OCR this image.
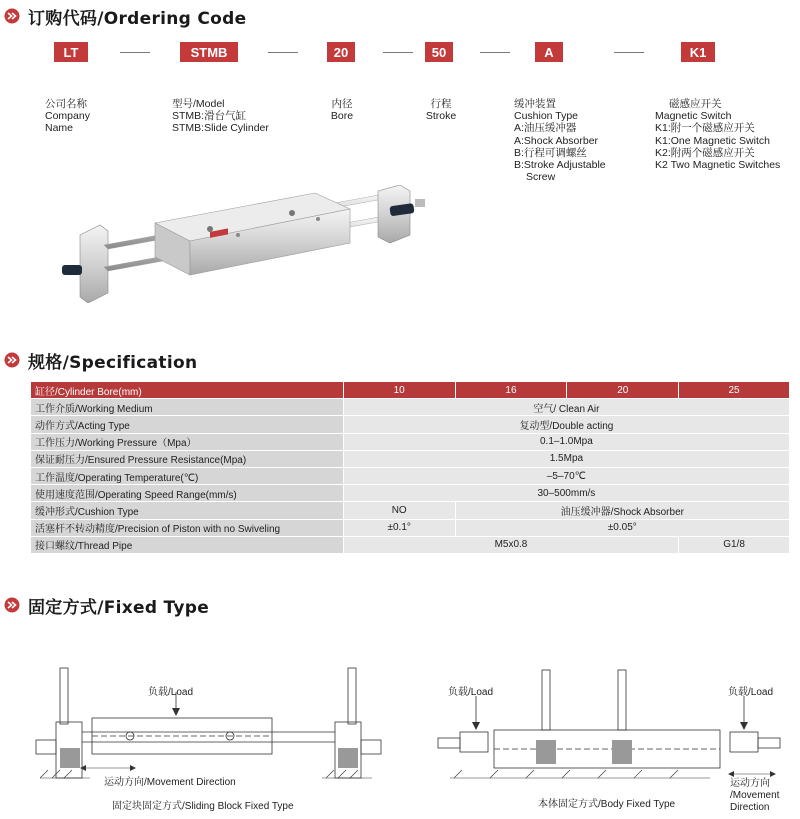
订购代码/Ordering Code
LT	STMB	20	50	A	K1
公司名称
Company
Name
型号/Model
STMB:滑台气缸
STMB:Slide Cylinder
内径
Bore
行程
Stroke
缓冲装置
Cushion Type
A:油压缓冲器
A:Shock Absorber
B:行程可调螺丝
B:Stroke Adjustable
Screw
磁感应开关
Magnetic Switch
K1:附一个磁感应开关
K1:One Magnetic Switch
K2:附两个磁感应开关
K2 Two Magnetic Switches
规格/Specification
缸径/Cylinder Bore(mm)	10	16	20	25
工作介质/Working Medium	空气/ Clean Air			
动作方式/Acting Type	复动型/Double acting			
工作压力/Working Pressure（Mpa）	0.1–1.0Mpa			
保证耐压力/Ensured Pressure Resistance(Mpa)	1.5Mpa			
工作温度/Operating Temperature(℃)	–5–70℃			
使用速度范围/Operating Speed Range(mm/s)	30–500mm/s			
缓冲形式/Cushion Type	NO	油压缓冲器/Shock Absorber		
活塞杆不转动精度/Precision of Piston with no Swiveling	±0.1°	±0.05°		
接口螺纹/Thread Pipe	M5x0.8			G1/8
固定方式/Fixed Type
负载/Load
运动方向/Movement Direction
固定块固定方式/Sliding Block Fixed Type
负载/Load	负载/Load
本体固定方式/Body Fixed Type
运动方向
/Movement
Direction
